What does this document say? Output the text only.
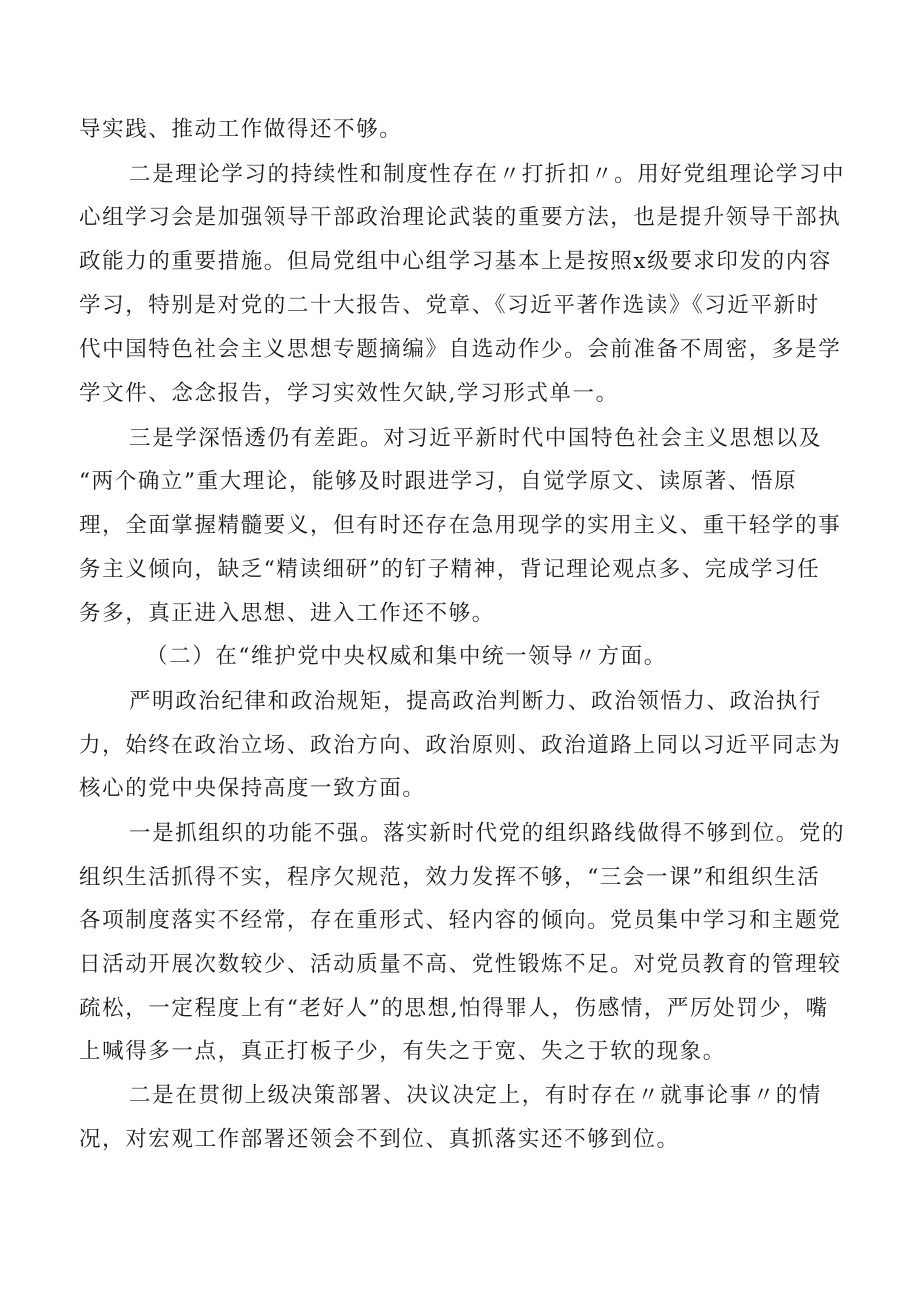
导实践、推动工作做得还不够。

二是理论学习的持续性和制度性存在〃打折扣〃。用好党组理论学习中

心组学习会是加强领导干部政治理论武装的重要方法，也是提升领导干部执

政能力的重要措施。但局党组中心组学习基本上是按照x级要求印发的内容

学习，特别是对党的二十大报告、党章、《习近平著作选读》《习近平新时

代中国特色社会主义思想专题摘编》自选动作少。会前准备不周密，多是学

学文件、念念报告，学习实效性欠缺,学习形式单一。

三是学深悟透仍有差距。对习近平新时代中国特色社会主义思想以及

“两个确立”重大理论，能够及时跟进学习，自觉学原文、读原著、悟原

理，全面掌握精髓要义，但有时还存在急用现学的实用主义、重干轻学的事

务主义倾向，缺乏“精读细研”的钉子精神，背记理论观点多、完成学习任

务多，真正进入思想、进入工作还不够。

（二）在“维护党中央权威和集中统一领导〃方面。

严明政治纪律和政治规矩，提高政治判断力、政治领悟力、政治执行

力，始终在政治立场、政治方向、政治原则、政治道路上同以习近平同志为

核心的党中央保持高度一致方面。

一是抓组织的功能不强。落实新时代党的组织路线做得不够到位。党的

组织生活抓得不实，程序欠规范，效力发挥不够，“三会一课”和组织生活

各项制度落实不经常，存在重形式、轻内容的倾向。党员集中学习和主题党

日活动开展次数较少、活动质量不高、党性锻炼不足。对党员教育的管理较

疏松，一定程度上有“老好人”的思想,怕得罪人，伤感情，严厉处罚少，嘴

上喊得多一点，真正打板子少，有失之于宽、失之于软的现象。

二是在贯彻上级决策部署、决议决定上，有时存在〃就事论事〃的情

况，对宏观工作部署还领会不到位、真抓落实还不够到位。
